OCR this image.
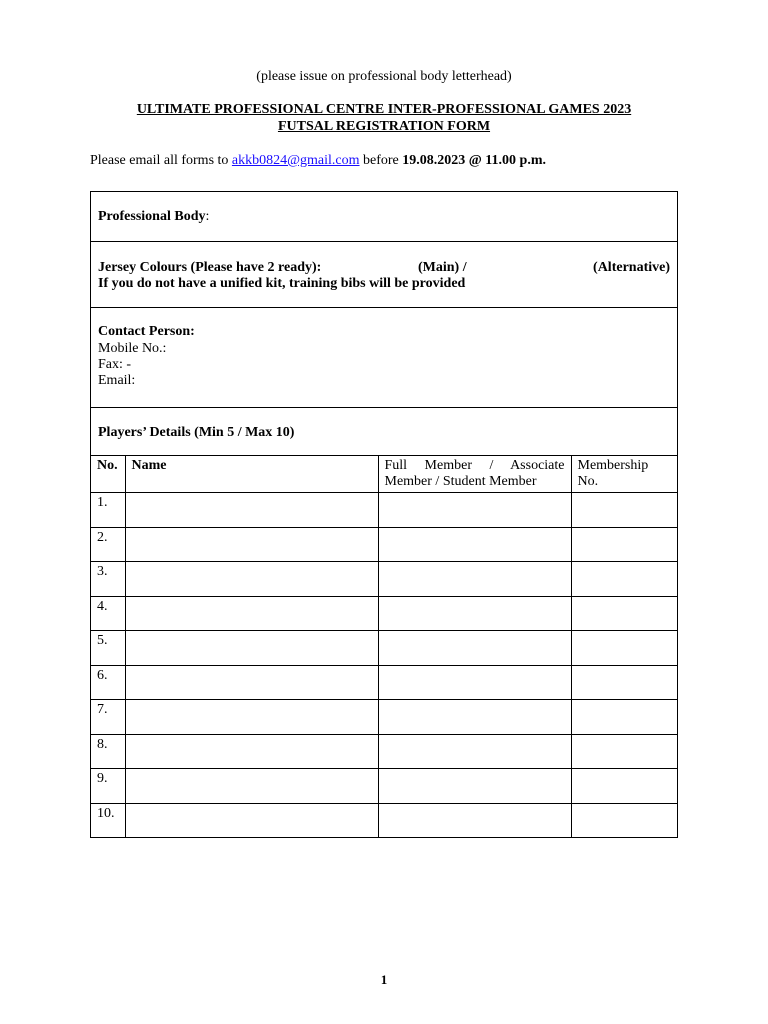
(please issue on professional body letterhead)
ULTIMATE PROFESSIONAL CENTRE INTER-PROFESSIONAL GAMES 2023
FUTSAL REGISTRATION FORM
Please email all forms to akkb0824@gmail.com before 19.08.2023 @ 11.00 p.m.
Professional Body:
Jersey Colours (Please have 2 ready):	(Main) /	(Alternative)
If you do not have a unified kit, training bibs will be provided
Contact Person:
Mobile No.:
Fax: -
Email:
Players’ Details (Min 5 / Max 10)
No.	Name	Full Member / Associate Member / Student Member	Membership No.
1.			
2.			
3.			
4.			
5.			
6.			
7.			
8.			
9.			
10.			
1
